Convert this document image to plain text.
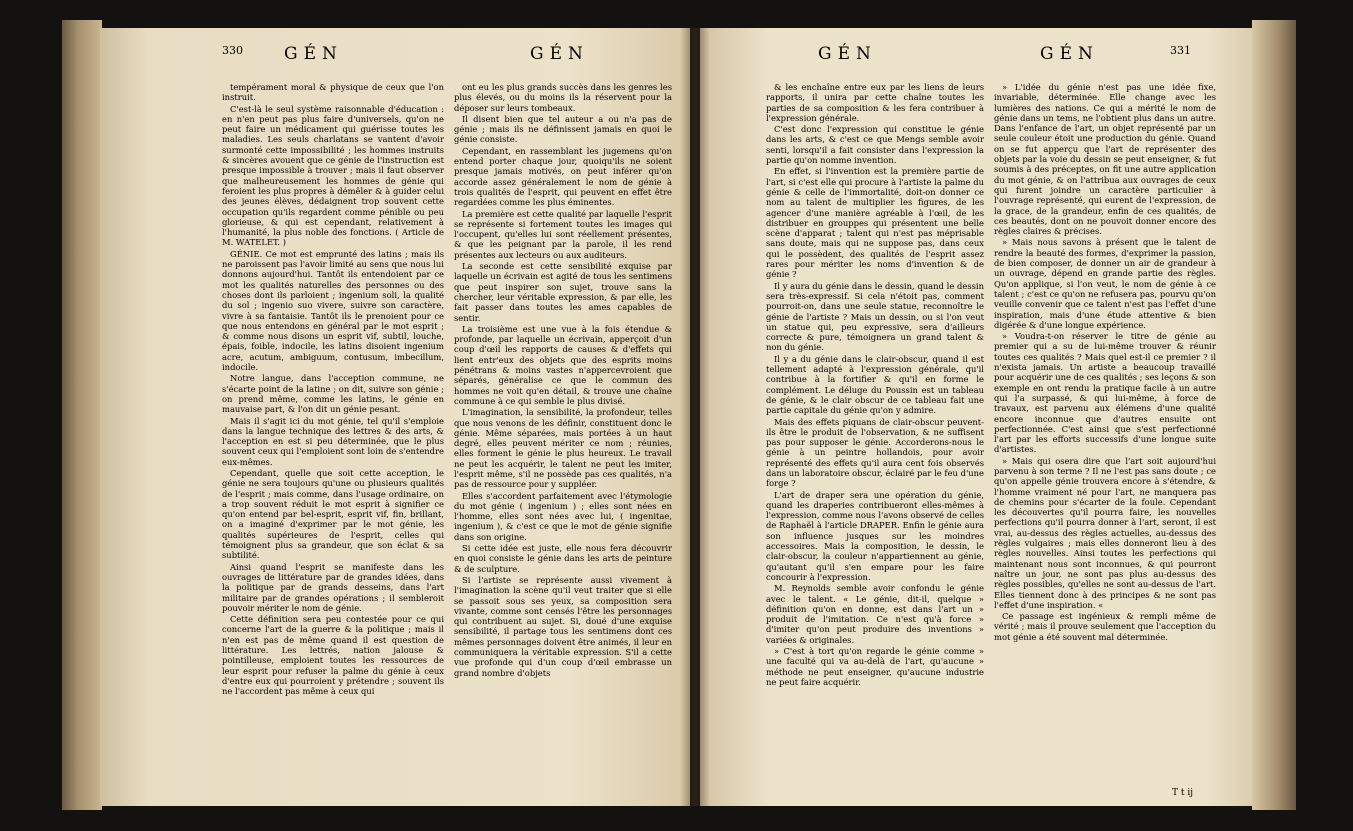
330 GÉN	GÉN	GÉN	GÉN	331

tempérament moral & physique de ceux que l'on instruit.

C'est-là le seul système raisonnable d'éducation : en n'en peut pas plus faire d'universels, qu'on ne peut faire un médicament qui guérisse toutes les maladies. Les seuls charlatans se vantent d'avoir surmonté cette impossibilité ; les hommes instruits & sincères avouent que ce génie de l'instruction est presque impossible à trouver ; mais il faut observer que malheureusement les hommes de génie qui feroient les plus propres à démêler & à guider celui des jeunes élèves, dédaignent trop souvent cette occupation qu'ils regardent comme pénible ou peu glorieuse, & qui est cependant, relativement à l'humanité, la plus noble des fonctions. ( Article de M. WATELET. )

GÉNIE. Ce mot est emprunté des latins ; mais ils ne paroissent pas l'avoir limité au sens que nous lui donnons aujourd'hui. Tantôt ils entendoient par ce mot les qualités naturelles des personnes ou des choses dont ils parloient ; ingenium soli, la qualité du sol ; ingenio suo vivere, suivre son caractère, vivre à sa fantaisie. Tantôt ils le prenoient pour ce que nous entendons en général par le mot esprit ; & comme nous disons un esprit vif, subtil, louche, épais, foible, indocile, les latins disoient ingenium acre, acutum, ambiguum, contusum, imbecillum, indocile.

Notre langue, dans l'acception commune, ne s'écarte point de la latine ; on dit, suivre son génie ; on prend même, comme les latins, le génie en mauvaise part, & l'on dit un génie pesant.

Mais il s'agit ici du mot génie, tel qu'il s'emploie dans la langue technique des lettres & des arts, & l'acception en est si peu déterminée, que le plus souvent ceux qui l'emploient sont loin de s'entendre eux-mêmes.

Cependant, quelle que soit cette acception, le génie ne sera toujours qu'une ou plusieurs qualités de l'esprit ; mais comme, dans l'usage ordinaire, on a trop souvent réduit le mot esprit à signifier ce qu'on entend par bel-esprit, esprit vif, fin, brillant, on a imaginé d'exprimer par le mot génie, les qualités supérieures de l'esprit, celles qui témoignent plus sa grandeur, que son éclat & sa subtilité.

Ainsi quand l'esprit se manifeste dans les ouvrages de littérature par de grandes idées, dans la politique par de grands desseins, dans l'art militaire par de grandes opérations ; il sembleroit pouvoir mériter le nom de génie.

Cette définition sera peu contestée pour ce qui concerne l'art de la guerre & la politique ; mais il n'en est pas de même quand il est question de littérature. Les lettrés, nation jalouse & pointilleuse, emploient toutes les ressources de leur esprit pour refuser la palme du génie à ceux d'entre eux qui pourroient y prétendre ; souvent ils ne l'accordent pas même à ceux qui

ont eu les plus grands succès dans les genres les plus élevés, ou du moins ils la réservent pour la déposer sur leurs tombeaux.

Il disent bien que tel auteur a ou n'a pas de génie ; mais ils ne définissent jamais en quoi le génie consiste.

Cependant, en rassemblant les jugemens qu'on entend porter chaque jour, quoiqu'ils ne soient presque jamais motivés, on peut inférer qu'on accorde assez généralement le nom de génie à trois qualités de l'esprit, qui peuvent en effet être regardées comme les plus éminentes.

La première est cette qualité par laquelle l'esprit se représente si fortement toutes les images qui l'occupent, qu'elles lui sont réellement présentes, & que les peignant par la parole, il les rend présentes aux lecteurs ou aux auditeurs.

La seconde est cette sensibilité exquise par laquelle un écrivain est agité de tous les sentimens que peut inspirer son sujet, trouve sans la chercher, leur véritable expression, & par elle, les fait passer dans toutes les ames capables de sentir.

La troisième est une vue à la fois étendue & profonde, par laquelle un écrivain, apperçoit d'un coup d'œil les rapports de causes & d'effets qui lient entr'eux des objets que des esprits moins pénétrans & moins vastes n'appercevroient que séparés, généralise ce que le commun des hommes ne voit qu'en détail, & trouve une chaîne commune à ce qui semble le plus divisé.

L'imagination, la sensibilité, la profondeur, telles que nous venons de les définir, constituent donc le génie. Même séparées, mais portées à un haut degré, elles peuvent mériter ce nom ; réunies, elles forment le génie le plus heureux. Le travail ne peut les acquérir, le talent ne peut les imiter, l'esprit même, s'il ne possède pas ces qualités, n'a pas de ressource pour y suppléer.

Elles s'accordent parfaitement avec l'étymologie du mot génie ( ingenium ) ; elles sont nées en l'homme, elles sont nées avec lui, ( ingenitae, ingenium ), & c'est ce que le mot de génie signifie dans son origine.

Si cette idée est juste, elle nous fera découvrir en quoi consiste le génie dans les arts de peinture & de sculpture.

Si l'artiste se représente aussi vivement à l'imagination la scène qu'il veut traiter que si elle se passoit sous ses yeux, sa composition sera vivante, comme sont censés l'être les personnages qui contribuent au sujet. Si, doué d'une exquise sensibilité, il partage tous les sentimens dont ces mêmes personnages doivent être animés, il leur en communiquera la véritable expression. S'il a cette vue profonde qui d'un coup d'œil embrasse un grand nombre d'objets

& les enchaîne entre eux par les liens de leurs rapports, il unira par cette chaîne toutes les parties de sa composition & les fera contribuer à l'expression générale.

C'est donc l'expression qui constitue le génie dans les arts, & c'est ce que Mengs semble avoir senti, lorsqu'il a fait consister dans l'expression la partie qu'on nomme invention.

En effet, si l'invention est la première partie de l'art, si c'est elle qui procure à l'artiste la palme du génie & celle de l'immortalité, doit-on donner ce nom au talent de multiplier les figures, de les agencer d'une manière agréable à l'œil, de les distribuer en grouppes qui présentent une belle scène d'apparat ; talent qui n'est pas méprisable sans doute, mais qui ne suppose pas, dans ceux qui le possèdent, des qualités de l'esprit assez rares pour mériter les noms d'invention & de génie ?

Il y aura du génie dans le dessin, quand le dessin sera très-expressif. Si cela n'étoit pas, comment pourroit-on, dans une seule statue, reconnoître le génie de l'artiste ? Mais un dessin, ou si l'on veut un statue qui, peu expressive, sera d'ailleurs correcte & pure, témoignera un grand talent & non du génie.

Il y a du génie dans le clair-obscur, quand il est tellement adapté à l'expression générale, qu'il contribue à la fortifier & qu'il en forme le complément. Le déluge du Poussin est un tableau de génie, & le clair obscur de ce tableau fait une partie capitale du génie qu'on y admire.

Mais des effets piquans de clair-obscur peuvent-ils être le produit de l'observation, & ne suffisent pas pour supposer le génie. Accorderons-nous le génie à un peintre hollandois, pour avoir représenté des effets qu'il aura cent fois observés dans un laboratoire obscur, éclairé par le feu d'une forge ?

L'art de draper sera une opération du génie, quand les draperies contribueront elles-mêmes à l'expression, comme nous l'avons observé de celles de Raphaël à l'article DRAPER. Enfin le génie aura son influence jusques sur les moindres accessoires. Mais la composition, le dessin, le clair-obscur, la couleur n'appartiennent au génie, qu'autant qu'il s'en empare pour les faire concourir à l'expression.

M. Reynolds semble avoir confondu le génie avec le talent. « Le génie, dit-il, quelque » définition qu'on en donne, est dans l'art un » produit de l'imitation. Ce n'est qu'à force » d'imiter qu'on peut produire des inventions » variées & originales.

» C'est à tort qu'on regarde le génie comme » une faculté qui va au-delà de l'art, qu'aucune » méthode ne peut enseigner, qu'aucune industrie ne peut faire acquérir.

» L'idée du génie n'est pas une idée fixe, invariable, déterminée. Elle change avec les lumières des nations. Ce qui a mérité le nom de génie dans un tems, ne l'obtient plus dans un autre. Dans l'enfance de l'art, un objet représenté par un seule couleur étoit une production du génie. Quand on se fut apperçu que l'art de représenter des objets par la voie du dessin se peut enseigner, & fut soumis à des préceptes, on fit une autre application du mot génie, & on l'attribua aux ouvrages de ceux qui furent joindre un caractère particulier à l'ouvrage représenté, qui eurent de l'expression, de la grace, de la grandeur, enfin de ces qualités, de ces beautés, dont on ne pouvoit donner encore des règles claires & précises.

» Mais nous savons à présent que le talent de rendre la beauté des formes, d'exprimer la passion, de bien composer, de donner un air de grandeur à un ouvrage, dépend en grande partie des règles. Qu'on applique, si l'on veut, le nom de génie à ce talent ; c'est ce qu'on ne refusera pas, pourvu qu'on veuille convenir que ce talent n'est pas l'effet d'une inspiration, mais d'une étude attentive & bien digérée & d'une longue expérience.

» Voudra-t-on réserver le titre de génie au premier qui a su de lui-même trouver & réunir toutes ces qualités ? Mais quel est-il ce premier ? il n'exista jamais. Un artiste a beaucoup travaillé pour acquérir une de ces qualités ; ses leçons & son exemple en ont rendu la pratique facile à un autre qui l'a surpassé, & qui lui-même, à force de travaux, est parvenu aux élémens d'une qualité encore inconnue que d'autres ensuite ont perfectionnée. C'est ainsi que s'est perfectionné l'art par les efforts successifs d'une longue suite d'artistes.

» Mais qui osera dire que l'art soit aujourd'hui parvenu à son terme ? Il ne l'est pas sans doute ; ce qu'on appelle génie trouvera encore à s'étendre, & l'homme vraiment né pour l'art, ne manquera pas de chemins pour s'écarter de la foule. Cependant les découvertes qu'il pourra faire, les nouvelles perfections qu'il pourra donner à l'art, seront, il est vrai, au-dessus des règles actuelles, au-dessus des règles vulgaires ; mais elles donneront lieu à des règles nouvelles. Ainsi toutes les perfections qui maintenant nous sont inconnues, & qui pourront naître un jour, ne sont pas plus au-dessus des règles possibles, qu'elles ne sont au-dessus de l'art. Elles tiennent donc à des principes & ne sont pas l'effet d'une inspiration. «

Ce passage est ingénieux & rempli même de vérité ; mais il prouve seulement que l'acception du mot génie a été souvent mal déterminée.

T t ij
